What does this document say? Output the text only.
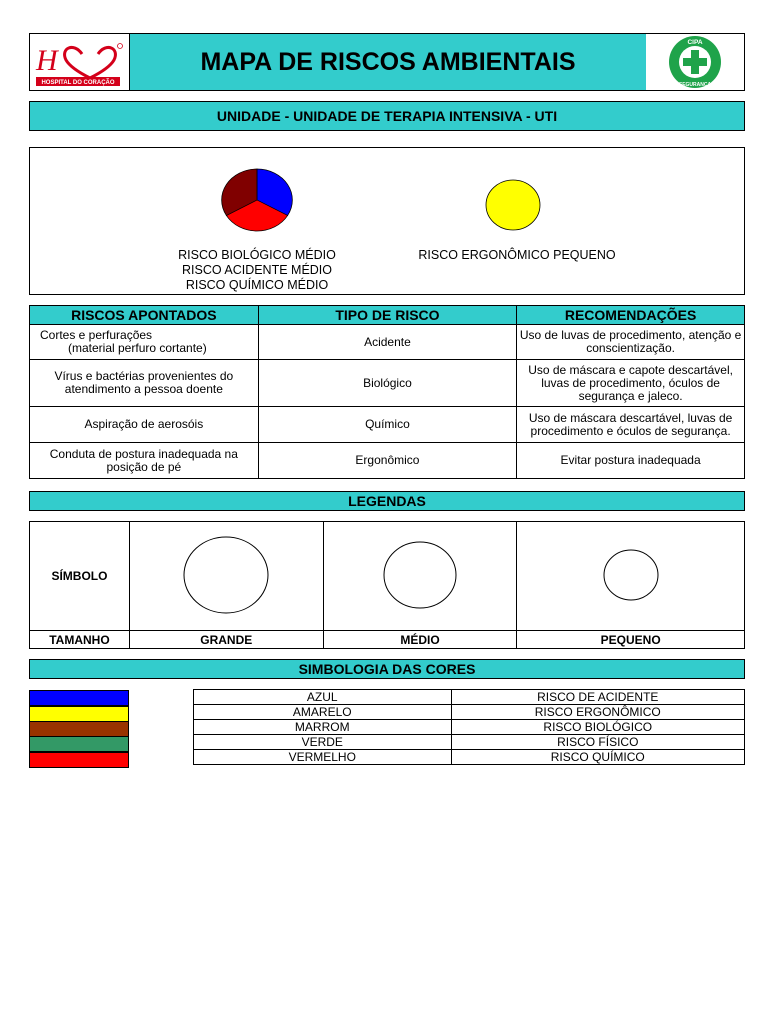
H
HOSPITAL DO CORAÇÃO
MAPA DE RISCOS AMBIENTAIS
CIPA
SEGURANÇA
UNIDADE - UNIDADE DE TERAPIA INTENSIVA - UTI
RISCO BIOLÓGICO MÉDIO
RISCO ACIDENTE MÉDIO
RISCO QUÍMICO MÉDIO
RISCO ERGONÔMICO PEQUENO
RISCOS APONTADOS	TIPO DE RISCO	RECOMENDAÇÕES

Cortes e perfurações
(material perfuro cortante)	Acidente	Uso de luvas de procedimento, atenção e conscientização.

Vírus e bactérias provenientes do
atendimento a pessoa doente	Biológico	Uso de máscara e capote descartável, luvas de procedimento, óculos de segurança e jaleco.

Aspiração de aerosóis	Químico	Uso de máscara descartável, luvas de procedimento e óculos de segurança.

Conduta de postura inadequada na
posição de pé	Ergonômico	Evitar postura inadequada
LEGENDAS
SÍMBOLO			
TAMANHO	GRANDE	MÉDIO	PEQUENO
SIMBOLOGIA DAS CORES
AZUL	RISCO DE ACIDENTE
AMARELO	RISCO ERGONÔMICO
MARROM	RISCO BIOLÓGICO
VERDE	RISCO FÍSICO
VERMELHO	RISCO QUÍMICO
